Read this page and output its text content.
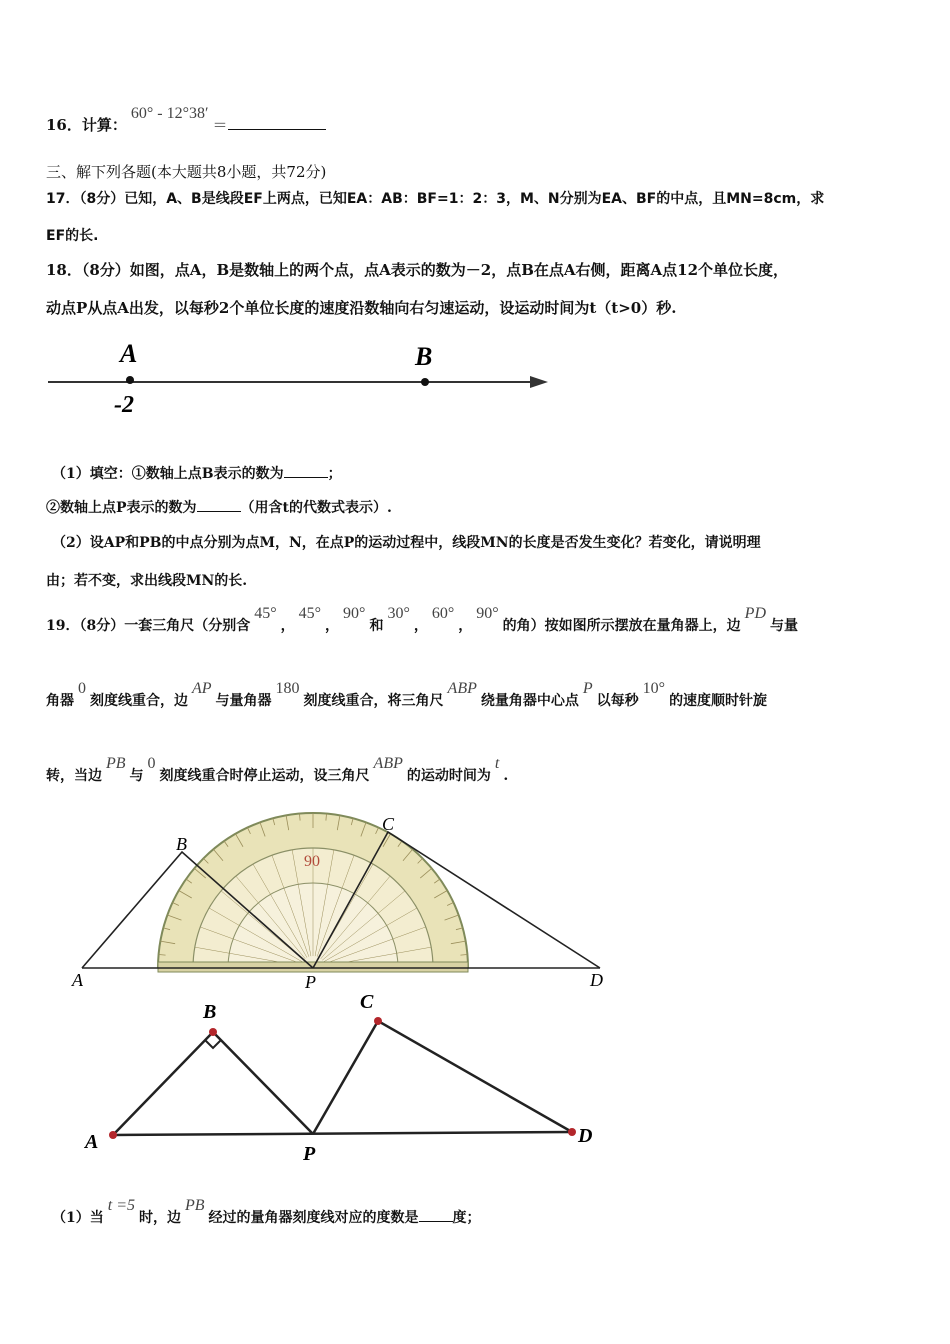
16．计算：60° - 12°38′＝
三、解下列各题(本大题共8小题，共72分)
17．（8分）已知，A、B是线段EF上两点，已知EA：AB：BF=1：2：3，M、N分别为EA、BF的中点，且MN=8cm，求
EF的长.
18．（8分）如图，点A，B是数轴上的两个点，点A表示的数为－2，点B在点A右侧，距离A点12个单位长度，
动点P从点A出发，以每秒2个单位长度的速度沿数轴向右匀速运动，设运动时间为t（t>0）秒.
A	B
-2
（1）填空：①数轴上点B表示的数为	；
②数轴上点P表示的数为	（用含t的代数式表示）.
（2）设AP和PB的中点分别为点M，N，在点P的运动过程中，线段MN的长度是否发生变化？若变化，请说明理
由；若不变，求出线段MN的长.
19．（8分）一套三角尺（分别含45°，45°，90°和30°，60°，90°的角）按如图所示摆放在量角器上，边PD与量
角器0刻度线重合，边AP与量角器180刻度线重合，将三角尺ABP绕量角器中心点P以每秒10°的速度顺时针旋
转，当边PB与0刻度线重合时停止运动，设三角尺ABP的运动时间为t.
90
A
B
C
D
P
A
B	C
D
P
（1）当t =5时，边PB经过的量角器刻度线对应的度数是 度；
